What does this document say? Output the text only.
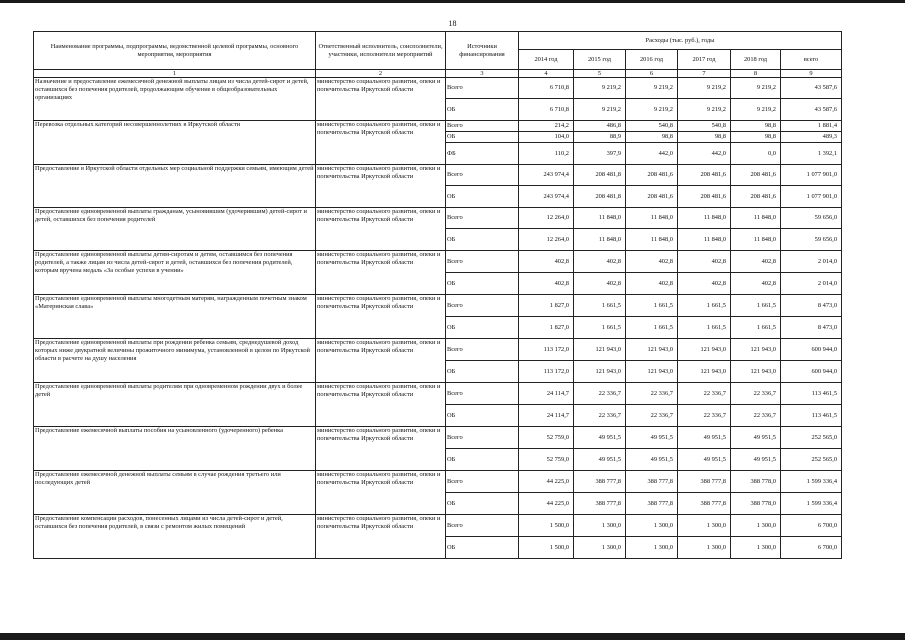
18
Наименование программы, подпрограммы, ведомственной целевой программы, основного мероприятия, мероприятия	Ответственный исполнитель, соисполнители, участники, исполнители мероприятий	Источники финансирования	Расходы (тыс. руб.), годы					
			2014 год	2015 год	2016 год	2017 год	2018 год	всего
1	2	3	4	5	6	7	8	9
Назначение и предоставление ежемесячной денежной выплаты лицам из числа детей-сирот и детей, оставшихся без попечения родителей, продолжающим обучение в общеобразовательных организациях	министерство социального развития, опеки и попечительства Иркутской области	Всего	6 710,8	9 219,2	9 219,2	9 219,2	9 219,2	43 587,6
		ОБ	6 710,8	9 219,2	9 219,2	9 219,2	9 219,2	43 587,6
Перевозка отдельных категорий несовершеннолетних в Иркутской области	министерство социального развития, опеки и попечительства Иркутской области	Всего	214,2	486,8	540,8	540,8	98,8	1 881,4
		ОБ	104,0	88,9	98,8	98,8	98,8	489,3
		ФБ	110,2	397,9	442,0	442,0	0,0	1 392,1
Предоставление в Иркутской области отдельных мер социальной поддержки семьям, имеющим детей	министерство социального развития, опеки и попечительства Иркутской области	Всего	243 974,4	208 481,8	208 481,6	208 481,6	208 481,6	1 077 901,0
		ОБ	243 974,4	208 481,8	208 481,6	208 481,6	208 481,6	1 077 901,0
Предоставление единовременной выплаты гражданам, усыновившим (удочерившим) детей-сирот и детей, оставшихся без попечения родителей	министерство социального развития, опеки и попечительства Иркутской области	Всего	12 264,0	11 848,0	11 848,0	11 848,0	11 848,0	59 656,0
		ОБ	12 264,0	11 848,0	11 848,0	11 848,0	11 848,0	59 656,0
Предоставление единовременной выплаты детям-сиротам и детям, оставшимся без попечения родителей, а также лицам из числа детей-сирот и детей, оставшихся без попечения родителей, которым вручена медаль «За особые успехи в учении»	министерство социального развития, опеки и попечительства Иркутской области	Всего	402,8	402,8	402,8	402,8	402,8	2 014,0
		ОБ	402,8	402,8	402,8	402,8	402,8	2 014,0
Предоставление единовременной выплаты многодетным матерям, награжденным почетным знаком «Материнская слава»	министерство социального развития, опеки и попечительства Иркутской области	Всего	1 827,0	1 661,5	1 661,5	1 661,5	1 661,5	8 473,0
		ОБ	1 827,0	1 661,5	1 661,5	1 661,5	1 661,5	8 473,0
Предоставление единовременной выплаты при рождении ребенка семьям, среднедушевой доход которых ниже двукратной величины прожиточного минимума, установленной в целом по Иркутской области в расчете на душу населения	министерство социального развития, опеки и попечительства Иркутской области	Всего	113 172,0	121 943,0	121 943,0	121 943,0	121 943,0	600 944,0
		ОБ	113 172,0	121 943,0	121 943,0	121 943,0	121 943,0	600 944,0
Предоставление единовременной выплаты родителям при одновременном рождении двух и более детей	министерство социального развития, опеки и попечительства Иркутской области	Всего	24 114,7	22 336,7	22 336,7	22 336,7	22 336,7	113 461,5
		ОБ	24 114,7	22 336,7	22 336,7	22 336,7	22 336,7	113 461,5
Предоставление ежемесячной выплаты пособия на усыновленного (удочеренного) ребенка	министерство социального развития, опеки и попечительства Иркутской области	Всего	52 759,0	49 951,5	49 951,5	49 951,5	49 951,5	252 565,0
		ОБ	52 759,0	49 951,5	49 951,5	49 951,5	49 951,5	252 565,0
Предоставление ежемесячной денежной выплаты семьям в случае рождения третьего или последующих детей	министерство социального развития, опеки и попечительства Иркутской области	Всего	44 225,0	388 777,8	388 777,8	388 777,8	388 778,0	1 599 336,4
		ОБ	44 225,0	388 777,8	388 777,8	388 777,8	388 778,0	1 599 336,4
Предоставление компенсации расходов, понесенных лицами из числа детей-сирот и детей, оставшихся без попечения родителей, в связи с ремонтом жилых помещений	министерство социального развития, опеки и попечительства Иркутской области	Всего	1 500,0	1 300,0	1 300,0	1 300,0	1 300,0	6 700,0
		ОБ	1 500,0	1 300,0	1 300,0	1 300,0	1 300,0	6 700,0
